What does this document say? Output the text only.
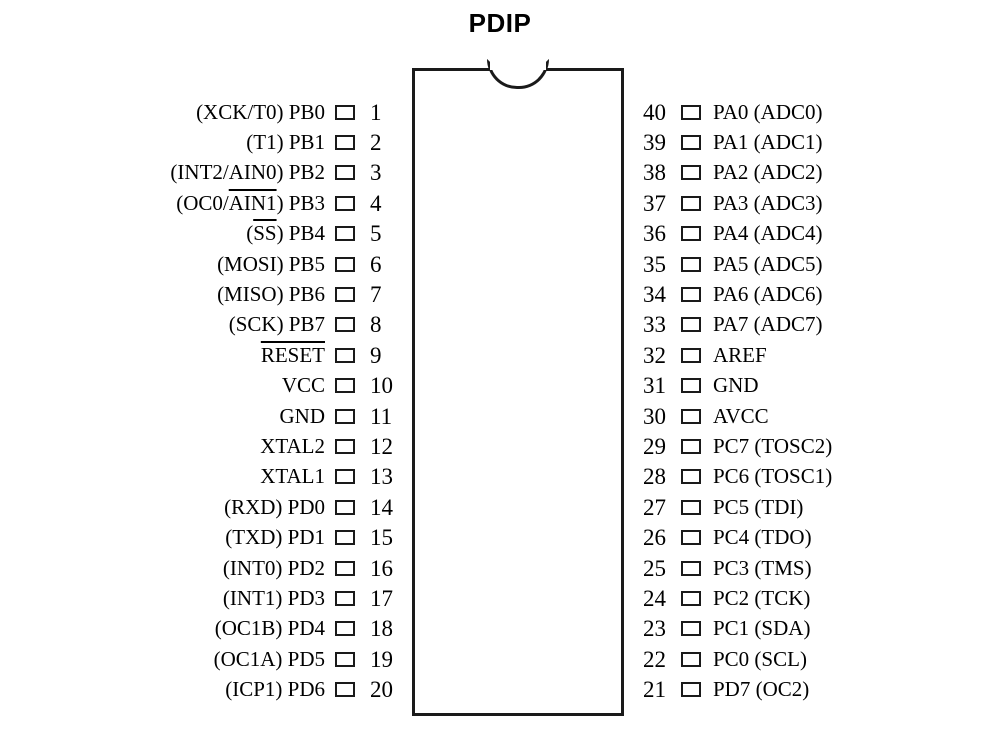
PDIP
(XCK/T0) PB0	1
(T1) PB1	2
(INT2/AIN0) PB2	3
(OC0/AIN1) PB3	4
$(\overline{SS})$ PB4	5
(MOSI) PB5	6
(MISO) PB6	7
(SCK) PB7	8
RESET	9
VCC	10
GND	11
XTAL2	12
XTAL1	13
(RXD) PD0	14
(TXD) PD1	15
(INT0) PD2	16
(INT1) PD3	17
(OC1B) PD4	18
(OC1A) PD5	19
(ICP1) PD6	20
40	PA0 (ADC0)
39	PA1 (ADC1)
38	PA2 (ADC2)
37	PA3 (ADC3)
36	PA4 (ADC4)
35	PA5 (ADC5)
34	PA6 (ADC6)
33	PA7 (ADC7)
32	AREF
31	GND
30	AVCC
29	PC7 (TOSC2)
28	PC6 (TOSC1)
27	PC5 (TDI)
26	PC4 (TDO)
25	PC3 (TMS)
24	PC2 (TCK)
23	PC1 (SDA)
22	PC0 (SCL)
21	PD7 (OC2)
